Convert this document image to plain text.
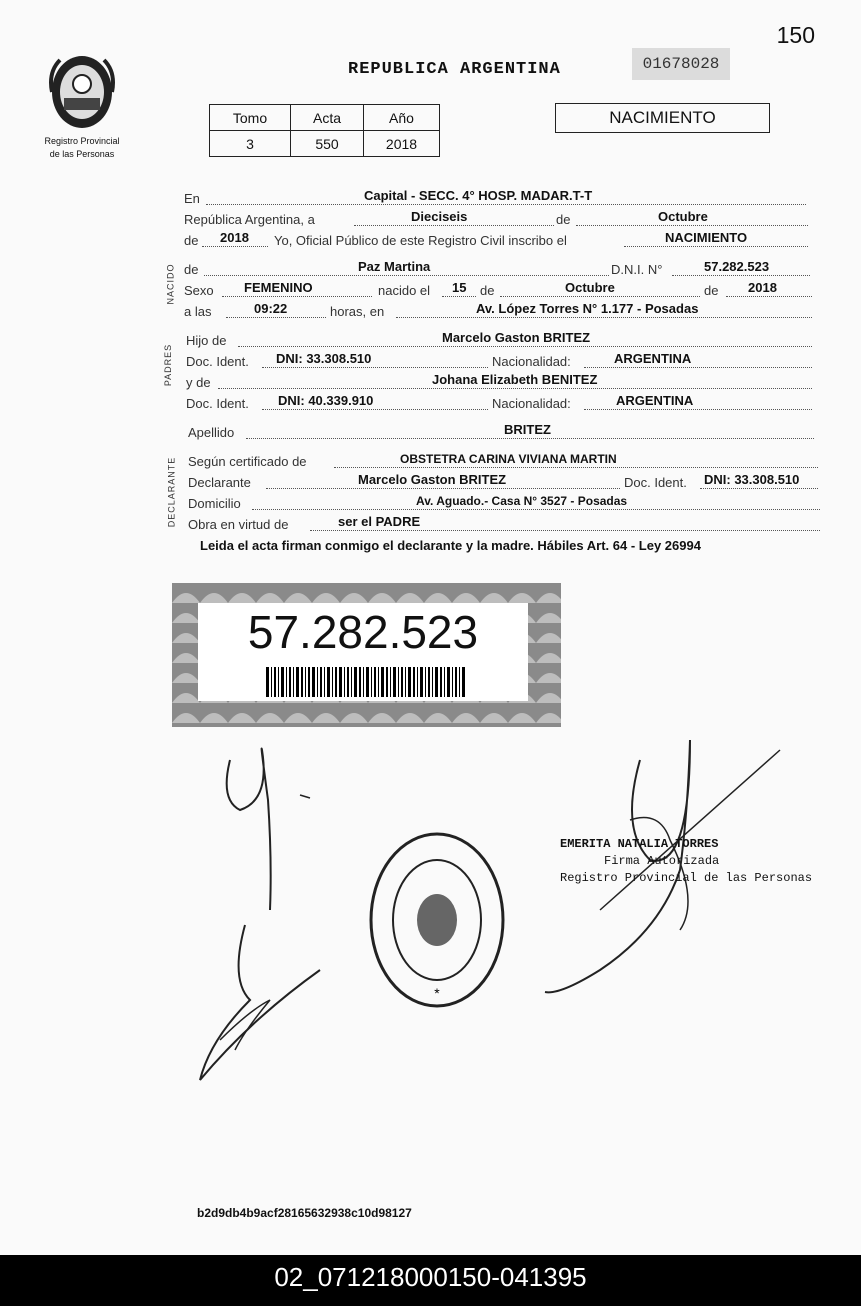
150
Registro Provincial
de las Personas
REPUBLICA ARGENTINA	01678028
Tomo	Acta	Año
3	550	2018
NACIMIENTO
NACIDO
PADRES
DECLARANTE
En	Capital - SECC. 4° HOSP. MADAR.T-T
República Argentina, a	Dieciseis	de	Octubre
de 2018 Yo, Oficial Público de este Registro Civil inscribo el	NACIMIENTO
de	Paz Martina	D.N.I. N°	57.282.523
Sexo FEMENINO	nacido el 15 de	Octubre	de 2018
a las	09:22	horas, en	Av. López Torres N° 1.177 - Posadas
Hijo de	Marcelo Gaston BRITEZ
Doc. Ident. DNI: 33.308.510	Nacionalidad:	ARGENTINA
y de	Johana Elizabeth BENITEZ
Doc. Ident. DNI: 40.339.910	Nacionalidad:	ARGENTINA
Apellido	BRITEZ
Según certificado de	OBSTETRA CARINA VIVIANA MARTIN
Declarante	Marcelo Gaston BRITEZ	Doc. Ident. DNI: 33.308.510
Domicilio	Av. Aguado.- Casa N° 3527 - Posadas
Obra en virtud de	ser el PADRE
Leida el acta firman conmigo el declarante y la madre. Hábiles Art. 64 - Ley 26994
57.282.523
*
EMERITA NATALIA TORRES
Firma Autorizada
Registro Provincial de las Personas
b2d9db4b9acf28165632938c10d98127
02_071218000150-041395
